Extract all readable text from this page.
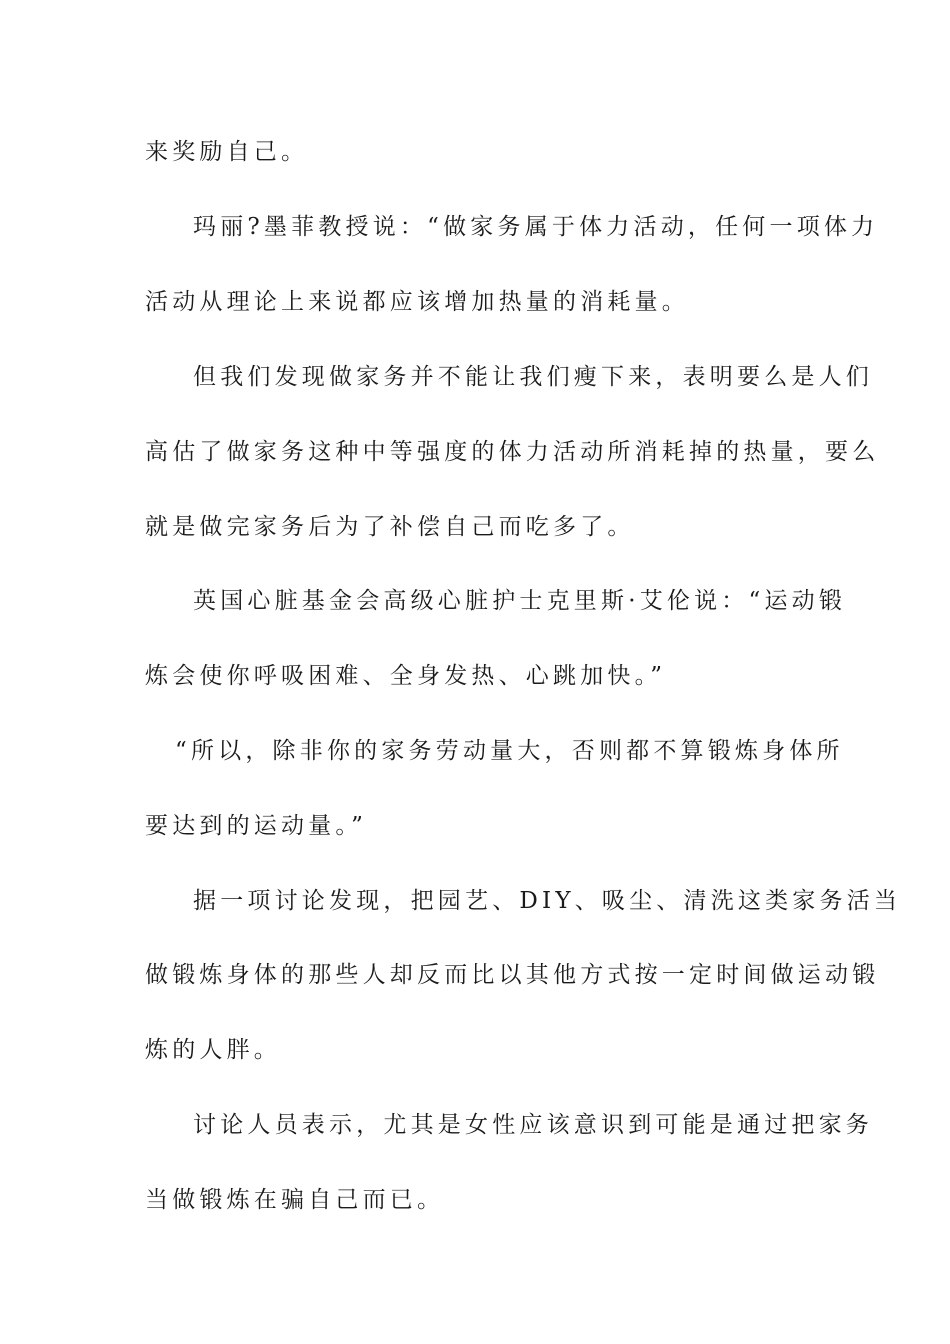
来奖励自己。
玛丽?墨菲教授说：“做家务属于体力活动，任何一项体力
活动从理论上来说都应该增加热量的消耗量。
但我们发现做家务并不能让我们瘦下来，表明要么是人们
高估了做家务这种中等强度的体力活动所消耗掉的热量，要么
就是做完家务后为了补偿自己而吃多了。
英国心脏基金会高级心脏护士克里斯·艾伦说：“运动锻
炼会使你呼吸困难、全身发热、心跳加快。”
“所以，除非你的家务劳动量大，否则都不算锻炼身体所
要达到的运动量。”
据一项讨论发现，把园艺、DIY、吸尘、清洗这类家务活当
做锻炼身体的那些人却反而比以其他方式按一定时间做运动锻
炼的人胖。
讨论人员表示，尤其是女性应该意识到可能是通过把家务
当做锻炼在骗自己而已。
